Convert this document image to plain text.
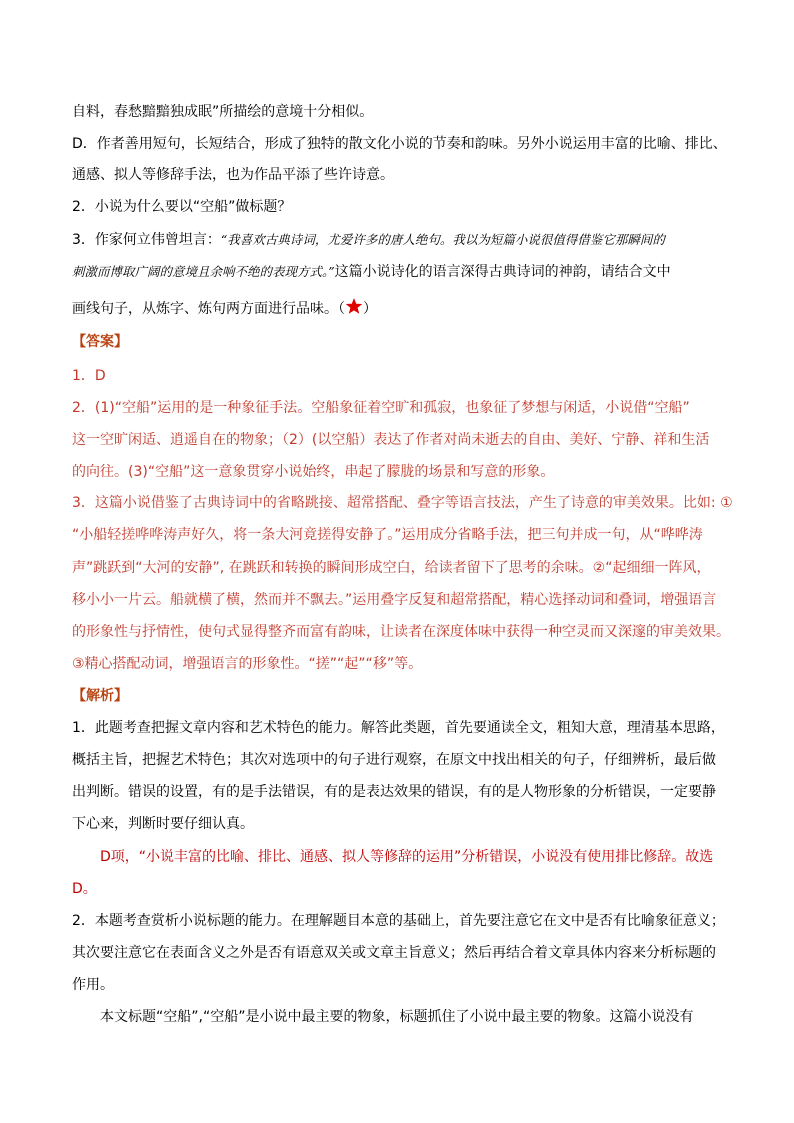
自料，春愁黯黯独成眠”所描绘的意境十分相似。
D．作者善用短句，长短结合，形成了独特的散文化小说的节奏和韵味。另外小说运用丰富的比喻、排比、
通感、拟人等修辞手法，也为作品平添了些许诗意。
2．小说为什么要以“空船”做标题？
3．作家何立伟曾坦言：“我喜欢古典诗词，尤爱许多的唐人绝句。我以为短篇小说很值得借鉴它那瞬间的
刺激而博取广阔的意境且余响不绝的表现方式。”这篇小说诗化的语言深得古典诗词的神韵，请结合文中
画线句子，从炼字、炼句两方面进行品味。（ ）
【答案】
1．D
2．(1)“空船”运用的是一种象征手法。空船象征着空旷和孤寂，也象征了梦想与闲适，小说借“空船”
这一空旷闲适、逍遥自在的物象；（2）(以空船）表达了作者对尚未逝去的自由、美好、宁静、祥和生活
的向往。(3)“空船”这一意象贯穿小说始终，串起了朦胧的场景和写意的形象。
3．这篇小说借鉴了古典诗词中的省略跳接、超常搭配、叠字等语言技法，产生了诗意的审美效果。比如: ①
“小船轻搓哗哗涛声好久，将一条大河竟搓得安静了。”运用成分省略手法，把三句并成一句，从“哗哗涛
声”跳跃到“大河的安静”, 在跳跃和转换的瞬间形成空白，给读者留下了思考的余味。②“起细细一阵风，
移小小一片云。船就横了横，然而并不飘去。”运用叠字反复和超常搭配，精心选择动词和叠词，增强语言
的形象性与抒情性，使句式显得整齐而富有韵味，让读者在深度体味中获得一种空灵而又深邃的审美效果。
③精心搭配动词，增强语言的形象性。“搓”“起”“移”等。
【解析】
1．此题考查把握文章内容和艺术特色的能力。解答此类题，首先要通读全文，粗知大意，理清基本思路，
概括主旨，把握艺术特色；其次对选项中的句子进行观察，在原文中找出相关的句子，仔细辨析，最后做
出判断。错误的设置，有的是手法错误，有的是表达效果的错误，有的是人物形象的分析错误，一定要静
下心来，判断时要仔细认真。
D项，“小说丰富的比喻、排比、通感、拟人等修辞的运用”分析错误，小说没有使用排比修辞。故选
D。
2．本题考查赏析小说标题的能力。在理解题目本意的基础上，首先要注意它在文中是否有比喻象征意义；
其次要注意它在表面含义之外是否有语意双关或文章主旨意义；然后再结合着文章具体内容来分析标题的
作用。
本文标题“空船”,“空船”是小说中最主要的物象，标题抓住了小说中最主要的物象。这篇小说没有
